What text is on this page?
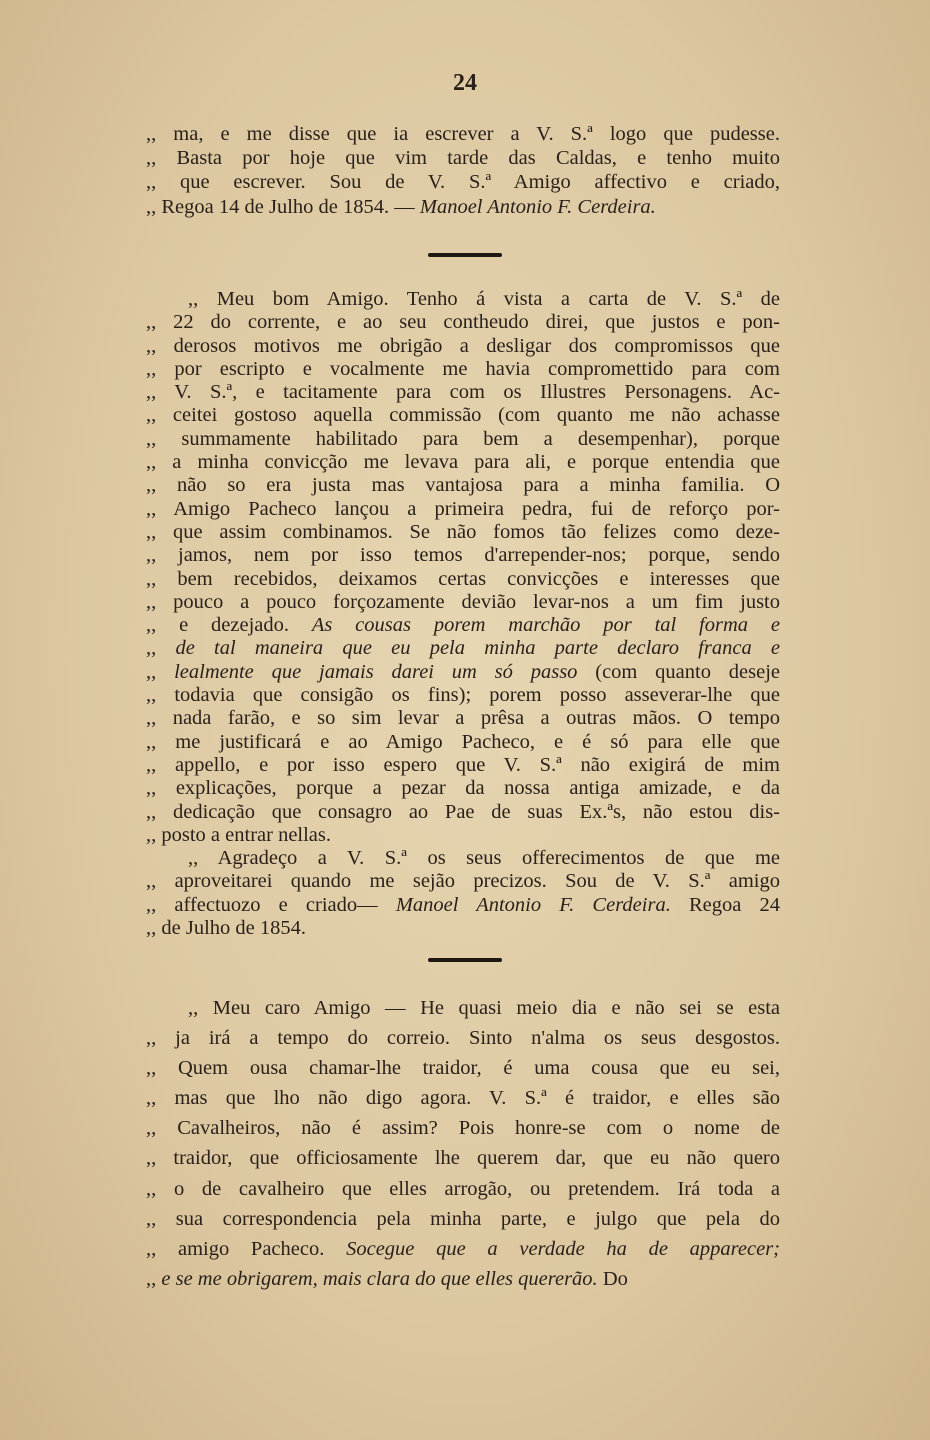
24
,, ma, e me disse que ia escrever a V. S.ª logo que pudesse.
,, Basta por hoje que vim tarde das Caldas, e tenho muito
,, que escrever. Sou de V. S.ª Amigo affectivo e criado,
,, Regoa 14 de Julho de 1854. — Manoel Antonio F. Cerdeira.
,, Meu bom Amigo. Tenho á vista a carta de V. S.ª de
,, 22 do corrente, e ao seu contheudo direi, que justos e pon-
,, derosos motivos me obrigão a desligar dos compromissos que
,, por escripto e vocalmente me havia compromettido para com
,, V. S.ª, e tacitamente para com os Illustres Personagens. Ac-
,, ceitei gostoso aquella commissão (com quanto me não achasse
,, summamente habilitado para bem a desempenhar), porque
,, a minha convicção me levava para ali, e porque entendia que
,, não so era justa mas vantajosa para a minha familia. O
,, Amigo Pacheco lançou a primeira pedra, fui de reforço por-
,, que assim combinamos. Se não fomos tão felizes como deze-
,, jamos, nem por isso temos d'arrepender-nos; porque, sendo
,, bem recebidos, deixamos certas convicções e interesses que
,, pouco a pouco forçozamente devião levar-nos a um fim justo
,, e dezejado. As cousas porem marchão por tal forma e
,, de tal maneira que eu pela minha parte declaro franca e
,, lealmente que jamais darei um só passo (com quanto deseje
,, todavia que consigão os fins); porem posso asseverar-lhe que
,, nada farão, e so sim levar a prêsa a outras mãos. O tempo
,, me justificará e ao Amigo Pacheco, e é só para elle que
,, appello, e por isso espero que V. S.ª não exigirá de mim
,, explicações, porque a pezar da nossa antiga amizade, e da
,, dedicação que consagro ao Pae de suas Ex.ªs, não estou dis-
,, posto a entrar nellas.
,, Agradeço a V. S.ª os seus offerecimentos de que me
,, aproveitarei quando me sejão precizos. Sou de V. S.ª amigo
,, affectuozo e criado— Manoel Antonio F. Cerdeira. Regoa 24
,, de Julho de 1854.
,, Meu caro Amigo — He quasi meio dia e não sei se esta
,, ja irá a tempo do correio. Sinto n'alma os seus desgostos.
,, Quem ousa chamar-lhe traidor, é uma cousa que eu sei,
,, mas que lho não digo agora. V. S.ª é traidor, e elles são
,, Cavalheiros, não é assim? Pois honre-se com o nome de
,, traidor, que officiosamente lhe querem dar, que eu não quero
,, o de cavalheiro que elles arrogão, ou pretendem. Irá toda a
,, sua correspondencia pela minha parte, e julgo que pela do
,, amigo Pacheco. Socegue que a verdade ha de apparecer;
,, e se me obrigarem, mais clara do que elles quererão. Do
